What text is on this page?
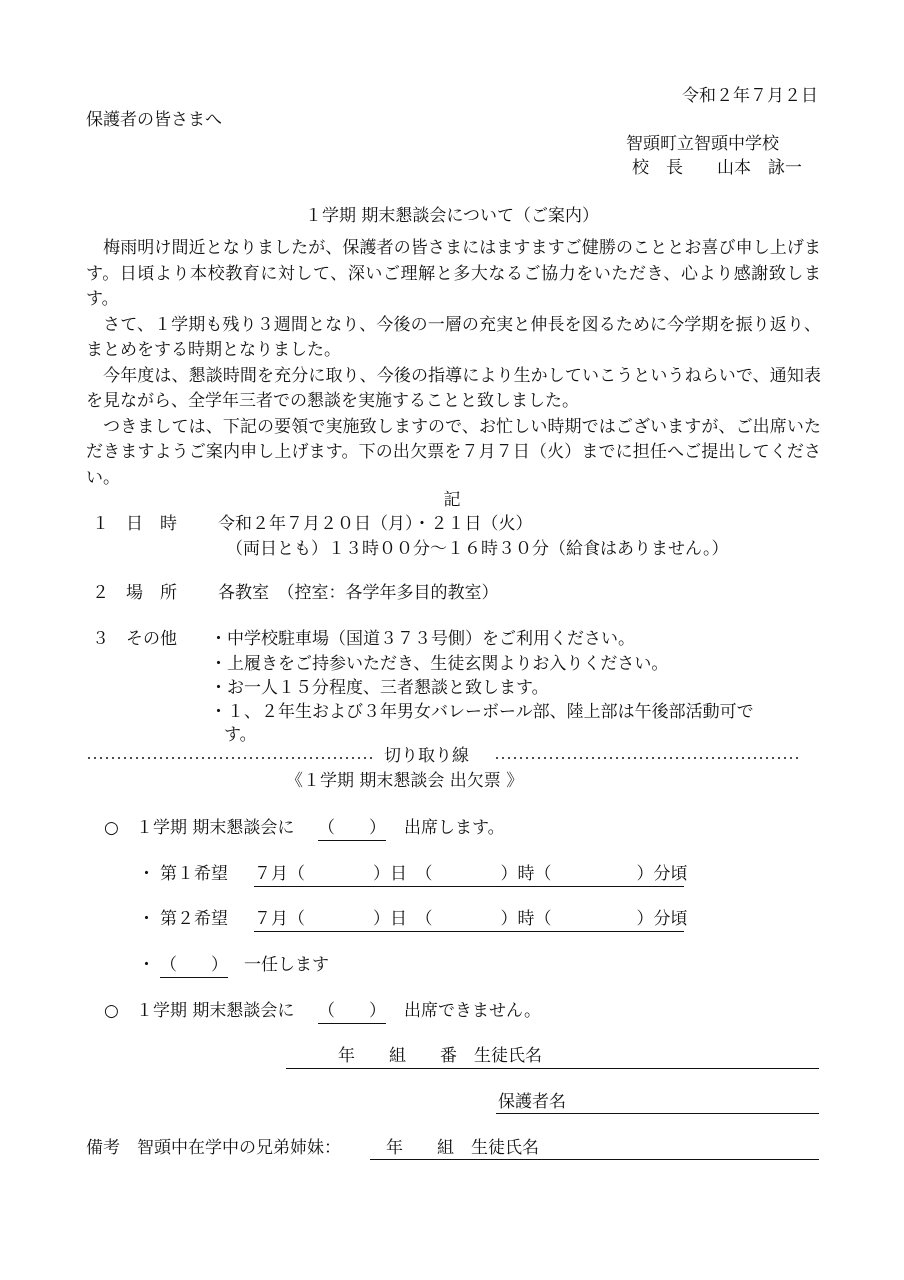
令和２年７月２日
保護者の皆さまへ
智頭町立智頭中学校
校　長　　山本　詠一
１学期 期末懇談会について（ご案内）
　梅雨明け間近となりましたが、保護者の皆さまにはますますご健勝のこととお喜び申し上げます。日頃より本校教育に対して、深いご理解と多大なるご協力をいただき、心より感謝致します。
　さて、１学期も残り３週間となり、今後の一層の充実と伸長を図るために今学期を振り返り、まとめをする時期となりました。
　今年度は、懇談時間を充分に取り、今後の指導により生かしていこうというねらいで、通知表を見ながら、全学年三者での懇談を実施することと致しました。
　つきましては、下記の要領で実施致しますので、お忙しい時期ではございますが、ご出席いただきますようご案内申し上げます。下の出欠票を７月７日（火）までに担任へご提出してください。
記
１　日　時 令和２年７月２０日（月）・２１日（火）
（両日とも）１３時００分～１６時３０分（給食はありません。）
２　場　所 各教室　（控室：各学年多目的教室）
３　その他 ・中学校駐車場（国道３７３号側）をご利用ください。
・上履きをご持参いただき、生徒玄関よりお入りください。
・お一人１５分程度、三者懇談と致します。
・１、２年生および３年男女バレーボール部、陸上部は午後部活動可で
す。
切り取り線
《１学期 期末懇談会 出欠票 》
○ １学期 期末懇談会に （　　） 出席します。
・ 第１希望 ７月（　　　　）日　（　　　　）時（　　　　　）分頃
・ 第２希望 ７月（　　　　）日　（　　　　）時（　　　　　）分頃
・ （　　） 一任します
○ １学期 期末懇談会に （　　） 出席できません。
年　　組　　番　生徒氏名
保護者名
備考　智頭中在学中の兄弟姉妹：	年　　組　生徒氏名
